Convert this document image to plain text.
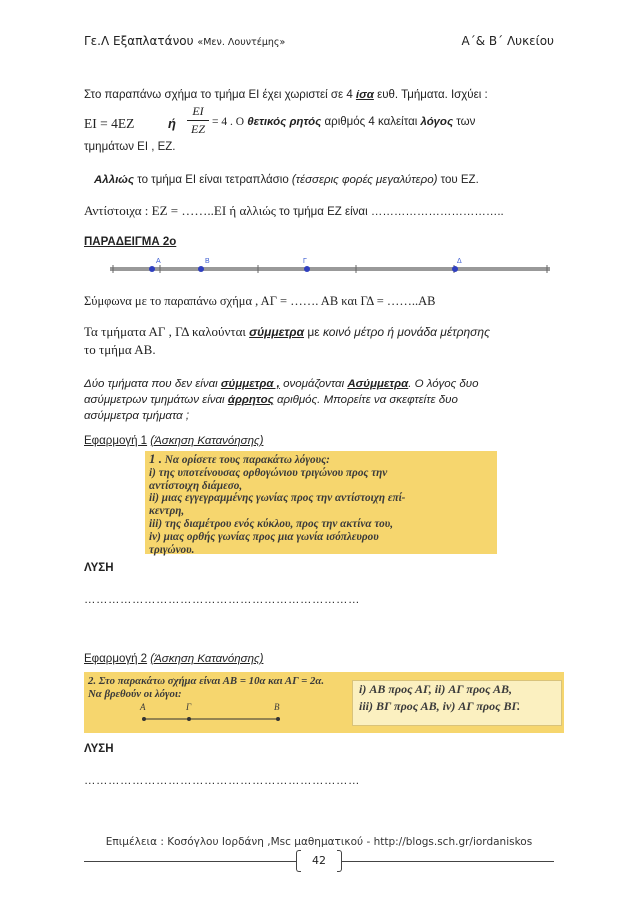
Γε.Λ Εξαπλατάνου «Μεν. Λουντέμης»	Α΄& Β΄ Λυκείου
Στο παραπάνω σχήμα το τμήμα ΕΙ έχει χωριστεί σε 4 ίσα ευθ. Τμήματα. Ισχύει :
ΕΙ = 4ΕΖ	ή
ΕΙ
ΕΖ = 4 . Ο θετικός ρητός αριθμός 4 καλείται λόγος των
τμημάτων ΕΙ , ΕΖ.
Αλλιώς το τμήμα ΕΙ είναι τετραπλάσιο (τέσσερις φορές μεγαλύτερο) του ΕΖ.
Αντίστοιχα : ΕΖ = ……..ΕΙ ή αλλιώς το τμήμα ΕΖ είναι ……………………………..
ΠΑΡΑΔΕΙΓΜΑ 2ο
Α	Β	Γ	Δ
Σύμφωνα με το παραπάνω σχήμα , ΑΓ = ……. ΑΒ και ΓΔ = ……..ΑΒ
Τα τμήματα ΑΓ , ΓΔ καλούνται σύμμετρα με κοινό μέτρο ή μονάδα μέτρησης
το τμήμα ΑΒ.
Δύο τμήματα που δεν είναι σύμμετρα , ονομάζονται Ασύμμετρα. Ο λόγος δυο
ασύμμετρων τμημάτων είναι άρρητος αριθμός. Μπορείτε να σκεφτείτε δυο
ασύμμετρα τμήματα ;
Εφαρμογή 1 (Άσκηση Κατανόησης)
1 . Να ορίσετε τους παρακάτω λόγους:
i) της υποτείνουσας ορθογώνιου τριγώνου προς την
αντίστοιχη διάμεσο,
ii) μιας εγγεγραμμένης γωνίας προς την αντίστοιχη επί-
κεντρη,
iii) της διαμέτρου ενός κύκλου, προς την ακτίνα του,
iv) μιας ορθής γωνίας προς μια γωνία ισόπλευρου
τριγώνου.
ΛΥΣΗ
……………………………………………………………
Εφαρμογή 2 (Άσκηση Κατανόησης)
2. Στο παρακάτω σχήμα είναι ΑΒ = 10α και ΑΓ = 2α.
Να βρεθούν οι λόγοι:
Α	Γ	Β
i) ΑΒ προς ΑΓ, ii) ΑΓ προς ΑΒ,
iii) ΒΓ προς ΑΒ, iv) ΑΓ προς ΒΓ.
ΛΥΣΗ
……………………………………………………………
Επιμέλεια : Κοσόγλου Ιορδάνη ,Msc μαθηματικού - http://blogs.sch.gr/iordaniskos
42
